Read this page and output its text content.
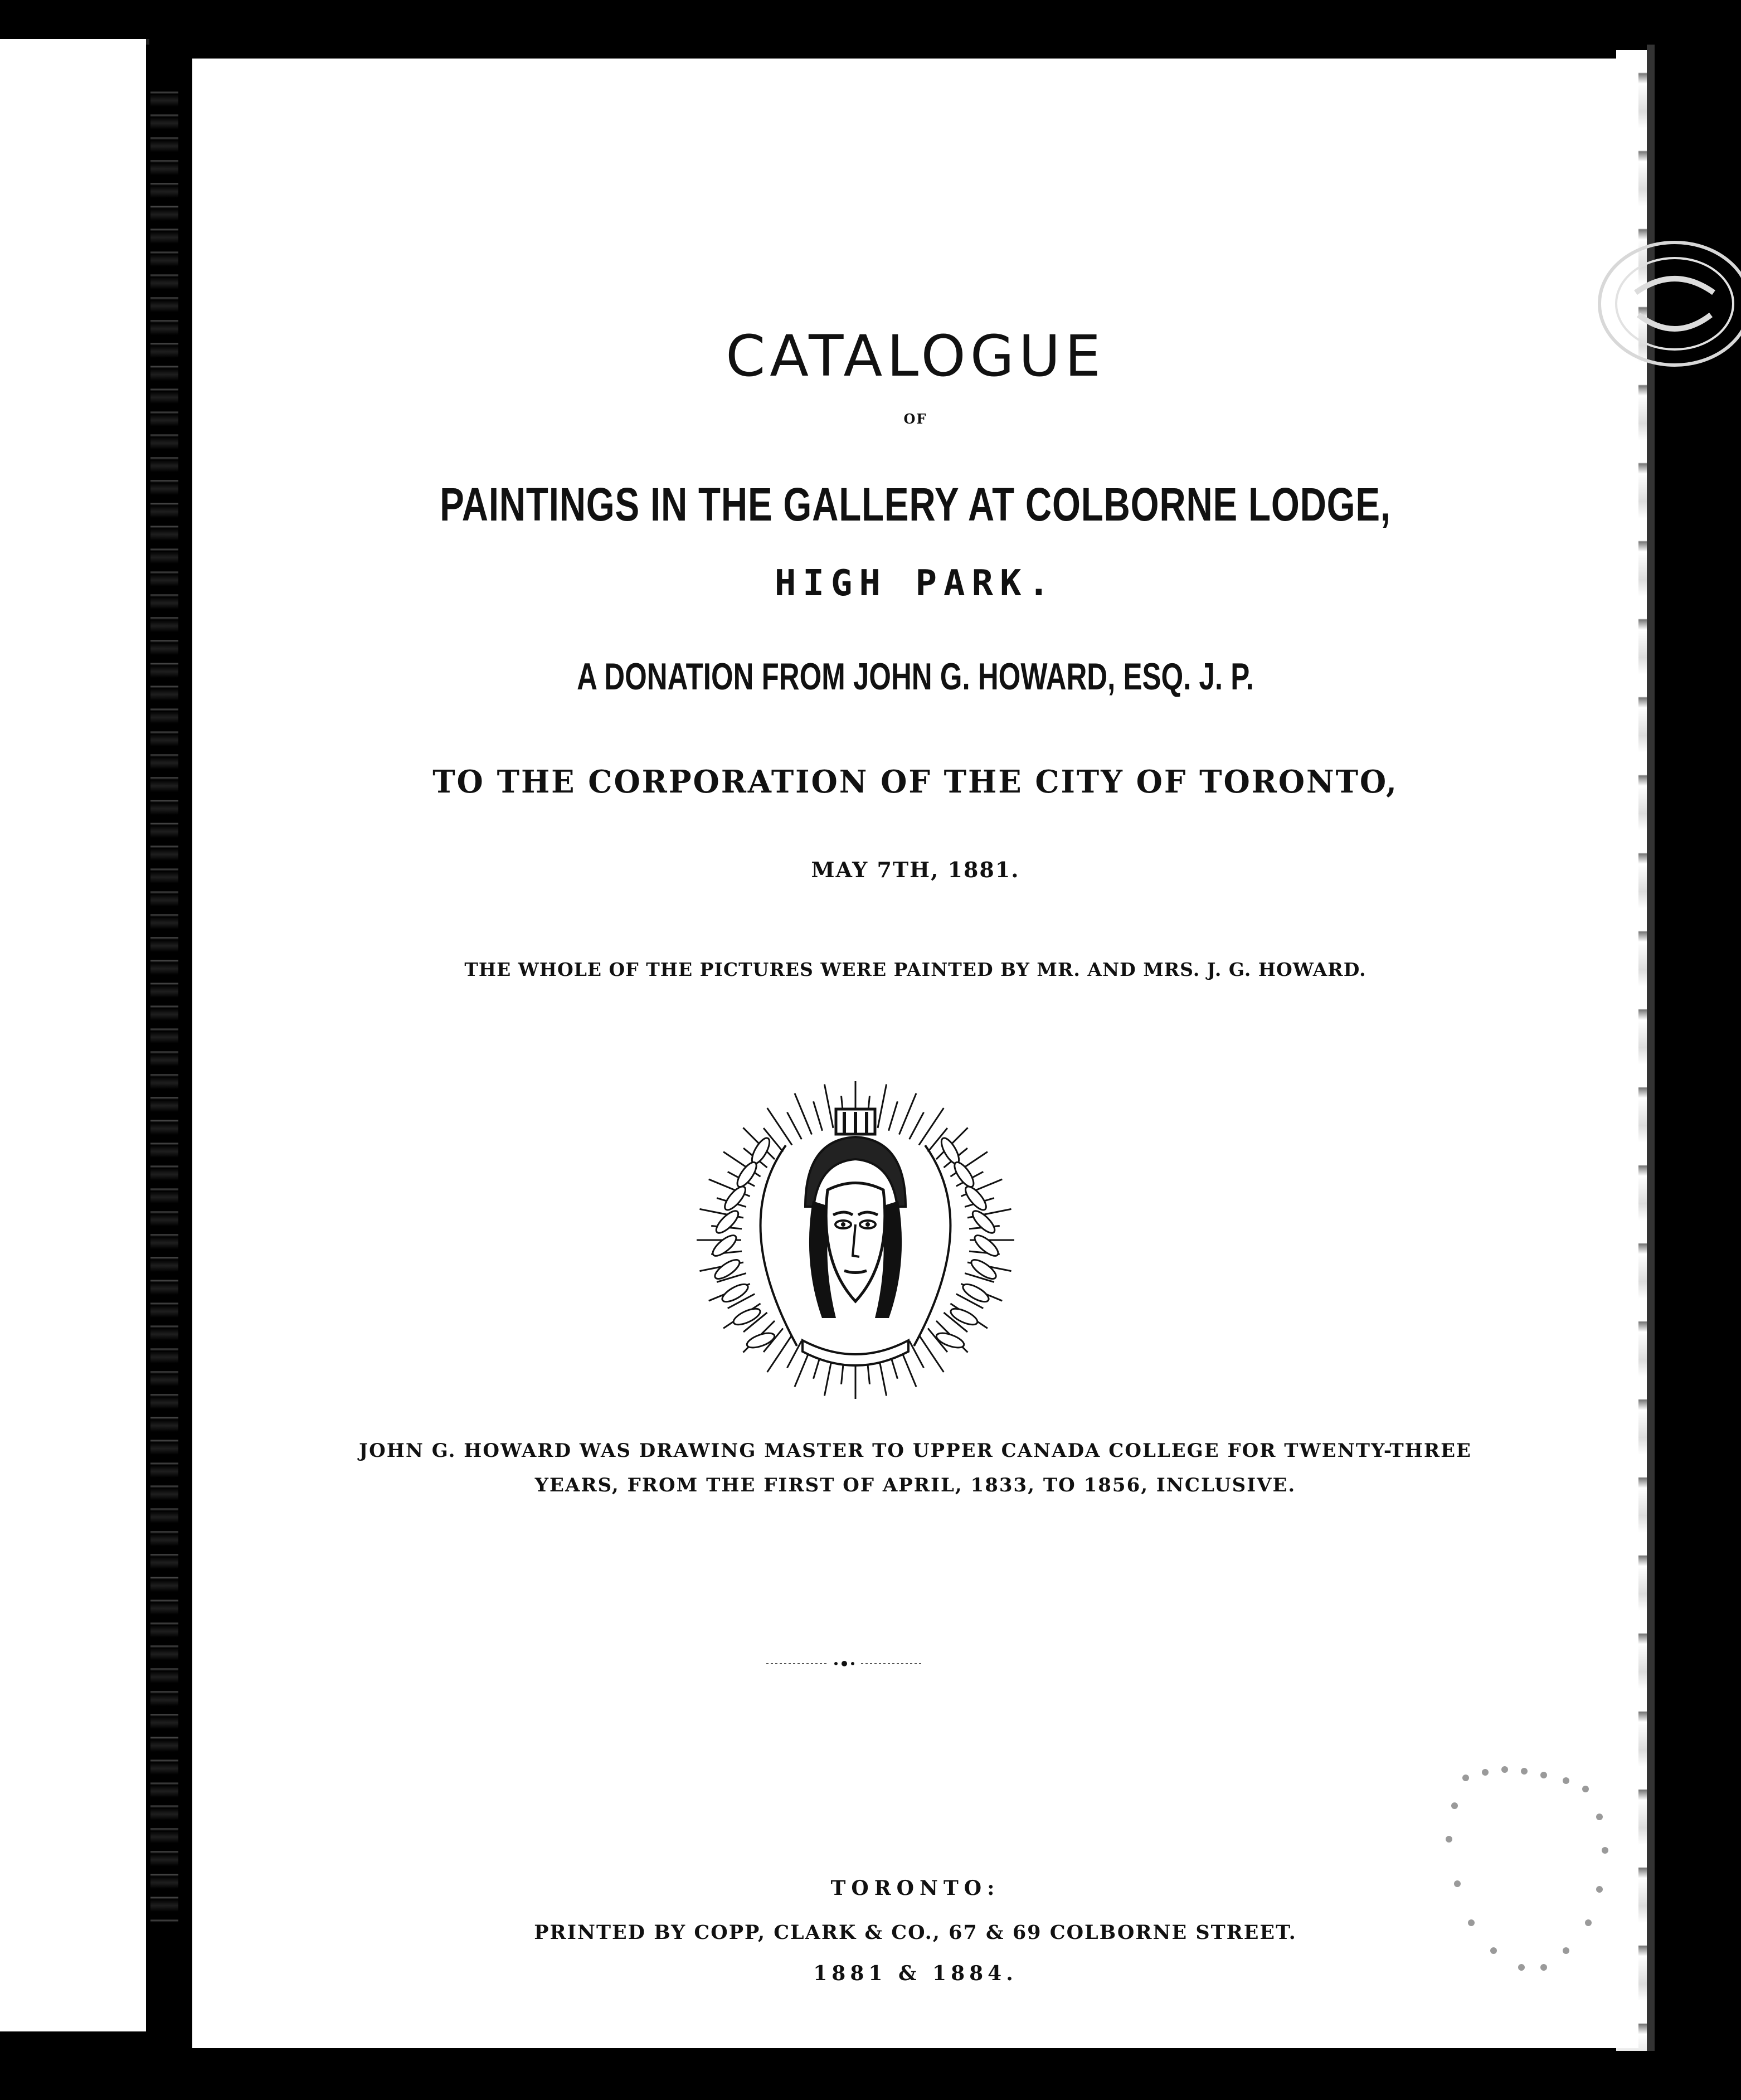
CATALOGUE
OF
PAINTINGS IN THE GALLERY AT COLBORNE LODGE,
HIGH PARK.
A DONATION FROM JOHN G. HOWARD, ESQ. J. P.
TO THE CORPORATION OF THE CITY OF TORONTO,
MAY 7TH, 1881.
THE WHOLE OF THE PICTURES WERE PAINTED BY MR. AND MRS. J. G. HOWARD.
JOHN G. HOWARD WAS DRAWING MASTER TO UPPER CANADA COLLEGE FOR TWENTY-THREE
YEARS, FROM THE FIRST OF APRIL, 1833, TO 1856, INCLUSIVE.
TORONTO:
PRINTED BY COPP, CLARK & CO., 67 & 69 COLBORNE STREET.
1881 & 1884.
